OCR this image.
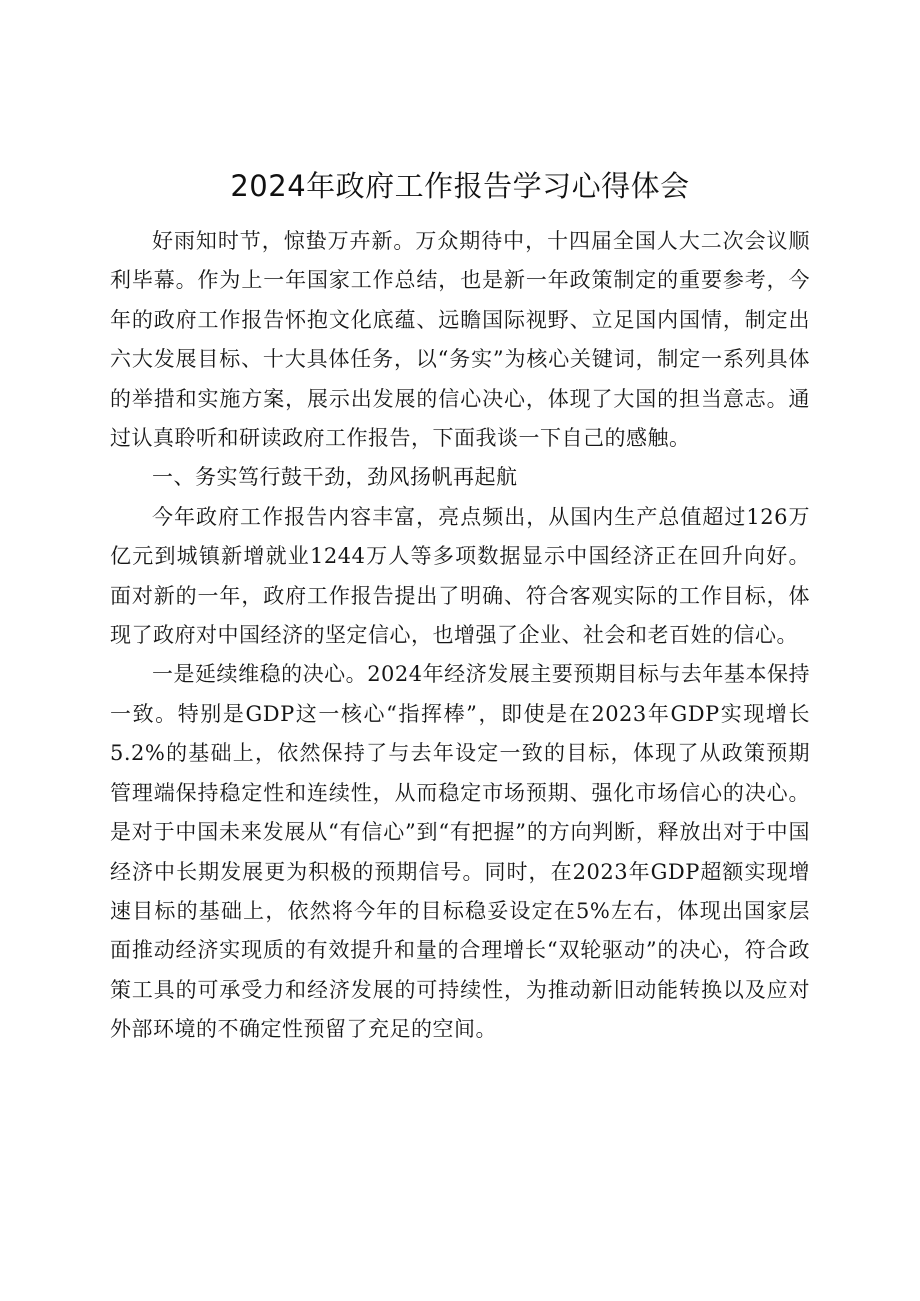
2024年政府工作报告学习心得体会

好雨知时节，惊蛰万卉新。万众期待中，十四届全国人大二次会议顺利毕幕。作为上一年国家工作总结，也是新一年政策制定的重要参考，今年的政府工作报告怀抱文化底蕴、远瞻国际视野、立足国内国情，制定出六大发展目标、十大具体任务，以“务实”为核心关键词，制定一系列具体的举措和实施方案，展示出发展的信心决心，体现了大国的担当意志。通过认真聆听和研读政府工作报告，下面我谈一下自己的感触。

一、务实笃行鼓干劲，劲风扬帆再起航

今年政府工作报告内容丰富，亮点频出，从国内生产总值超过126万亿元到城镇新增就业1244万人等多项数据显示中国经济正在回升向好。面对新的一年，政府工作报告提出了明确、符合客观实际的工作目标，体现了政府对中国经济的坚定信心，也增强了企业、社会和老百姓的信心。

一是延续维稳的决心。2024年经济发展主要预期目标与去年基本保持一致。特别是GDP这一核心“指挥棒”，即使是在2023年GDP实现增长5.2%的基础上，依然保持了与去年设定一致的目标，体现了从政策预期管理端保持稳定性和连续性，从而稳定市场预期、强化市场信心的决心。是对于中国未来发展从“有信心”到“有把握”的方向判断，释放出对于中国经济中长期发展更为积极的预期信号。同时，在2023年GDP超额实现增速目标的基础上，依然将今年的目标稳妥设定在5%左右，体现出国家层面推动经济实现质的有效提升和量的合理增长“双轮驱动”的决心，符合政策工具的可承受力和经济发展的可持续性，为推动新旧动能转换以及应对外部环境的不确定性预留了充足的空间。
